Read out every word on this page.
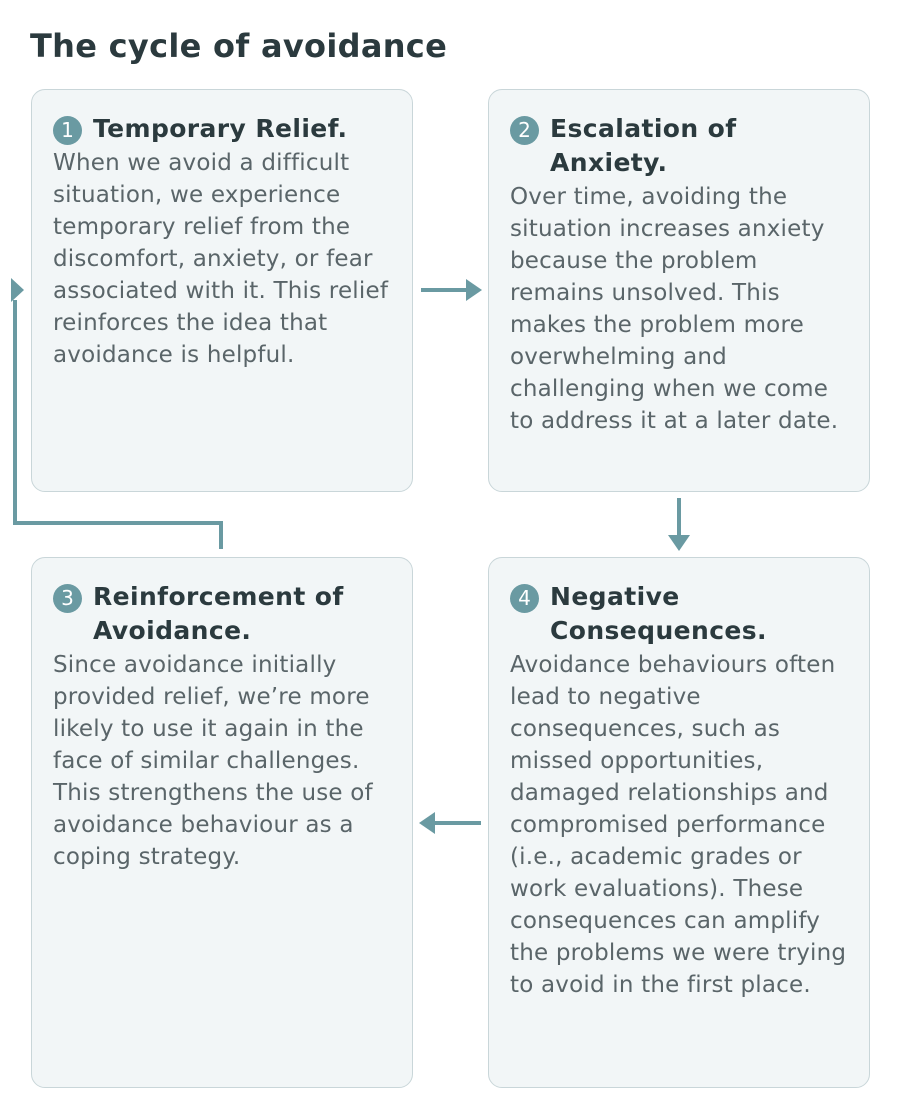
The cycle of avoidance
1 Temporary Relief.

When we avoid a difficult situation, we experience temporary relief from the discomfort, anxiety, or fear associated with it. This relief reinforces the idea that avoidance is helpful.

2 Escalation of Anxiety.

Over time, avoiding the situation increases anxiety because the problem remains unsolved. This makes the problem more overwhelming and challenging when we come to address it at a later date.

3 Reinforcement of Avoidance.

Since avoidance initially provided relief, we’re more likely to use it again in the face of similar challenges. This strengthens the use of avoidance behaviour as a coping strategy.

4 Negative Consequences.

Avoidance behaviours often lead to negative consequences, such as missed opportunities, damaged relationships and compromised performance (i.e., academic grades or work evaluations). These consequences can amplify the problems we were trying to avoid in the first place.
